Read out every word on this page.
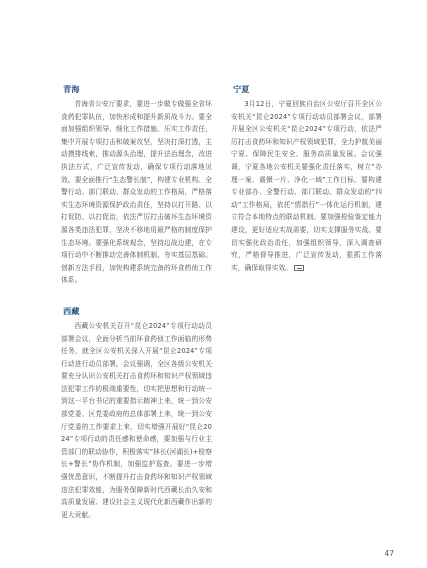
青海

青海省公安厅要求，要进一步做专做强全省环食药犯罪队伍，加快形成和提升新质战斗力。要全面加强组织领导、细化工作措施、压实工作责任，集中开展专项打击和破案攻坚，坚决打深打透，主动摸排线索，推动源头治理，提升法治理念，改进执法方式，广泛宣传发动，确保专项行动落地见效。要全面推行“生态警长制”，构建专业机构、全警行动、部门联动、群众发动的工作格局，严格落实生态环境资源保护政治责任，坚持以打开路、以打促防、以打促治，依法严厉打击破坏生态环境资源各类违法犯罪，坚决不移地用最严格的制度保护生态环境。要强化系统观念，坚持边战边建，在专项行动中不断推动完善体制机制、夯实基层基础、创新方法手段，加快构建系统完备的环食药侦工作体系。

西藏

西藏公安机关召开“昆仑2024”专项行动动员部署会议，全面分析当前环食药侦工作面临的形势任务，就全区公安机关深入开展“昆仑2024”专项行动进行动员部署。会议强调，全区各级公安机关要充分认识公安机关打击食药环和知识产权领域违法犯罪工作的极端重要性，切实把思想和行动统一到这一平台书记的重要指示精神上来，统一到公安部党委、区党委政府的总体部署上来，统一到公安厅党委的工作要求上来，切实增强开展好“昆仑2024”专项行动的责任感和使命感，要加强与行业主管部门的联动协作，积极落实“林长(河湖长)+检察长+警长”协作机制，加强监护巡查。要进一步增强忧患意识，不断提升打击食药环和知识产权领域违法犯罪效能，为服务保障新时代西藏长治久安和高质量发展、建设社会主义现代化新西藏作出新的更大贡献。

宁夏

3月12日，宁夏回族自治区公安厅召开全区公安机关“昆仑2024”专项行动动员部署会议，部署开展全区公安机关“昆仑2024”专项行动，依法严厉打击食药环和知识产权领域犯罪，全力护航美丽宁夏、保障民生安全、服务高质量发展。会议强调，宁夏各地公安机关要强化责任落实，树立“办理一案、震慑一片、净化一域”工作目标。要构建专业部办、全警行动、部门联动、群众发动的“四动”工作格局，依托“情指行”一体化运行机制，建立符合本地特点的联动机制。要加强检验鉴定能力建设，更好适应实战需要，切实支撑服务实战。要切实强化政治责任，加强组织领导，深入调查研究，严格督导推进，广泛宣传发动，狠抓工作落实，确保取得实效。

47
